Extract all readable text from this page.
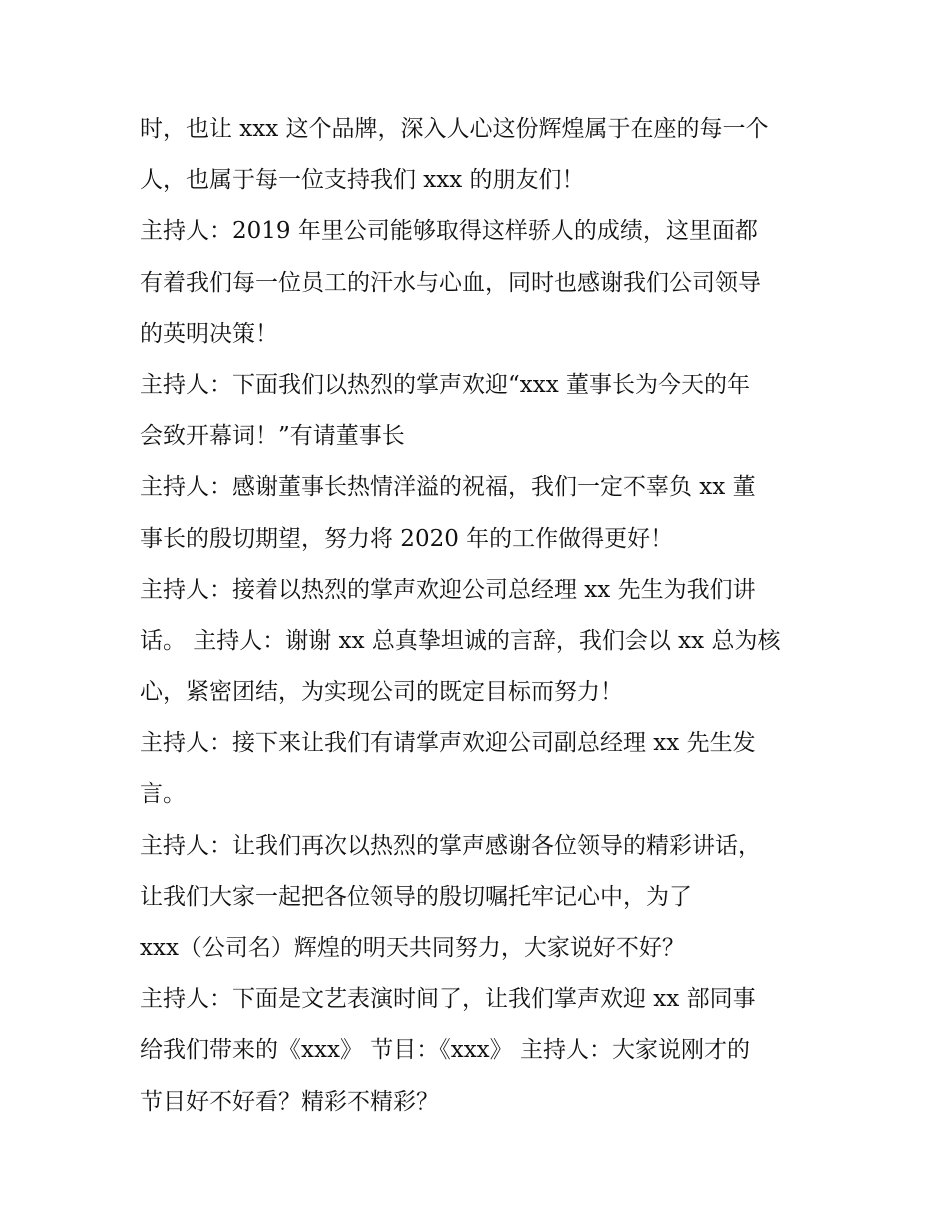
时，也让 xxx 这个品牌，深入人心这份辉煌属于在座的每一个
人，也属于每一位支持我们 xxx 的朋友们！
主持人：2019 年里公司能够取得这样骄人的成绩，这里面都
有着我们每一位员工的汗水与心血，同时也感谢我们公司领导
的英明决策！
主持人：下面我们以热烈的掌声欢迎“xxx 董事长为今天的年
会致开幕词！”有请董事长
主持人：感谢董事长热情洋溢的祝福，我们一定不辜负 xx 董
事长的殷切期望，努力将 2020 年的工作做得更好！
主持人：接着以热烈的掌声欢迎公司总经理 xx 先生为我们讲
话。 主持人：谢谢 xx 总真挚坦诚的言辞，我们会以 xx 总为核
心，紧密团结，为实现公司的既定目标而努力！
主持人：接下来让我们有请掌声欢迎公司副总经理 xx 先生发
言。
主持人：让我们再次以热烈的掌声感谢各位领导的精彩讲话，
让我们大家一起把各位领导的殷切嘱托牢记心中，为了
xxx（公司名）辉煌的明天共同努力，大家说好不好？
主持人：下面是文艺表演时间了，让我们掌声欢迎 xx 部同事
给我们带来的《xxx》 节目：《xxx》 主持人：大家说刚才的
节目好不好看？精彩不精彩？
